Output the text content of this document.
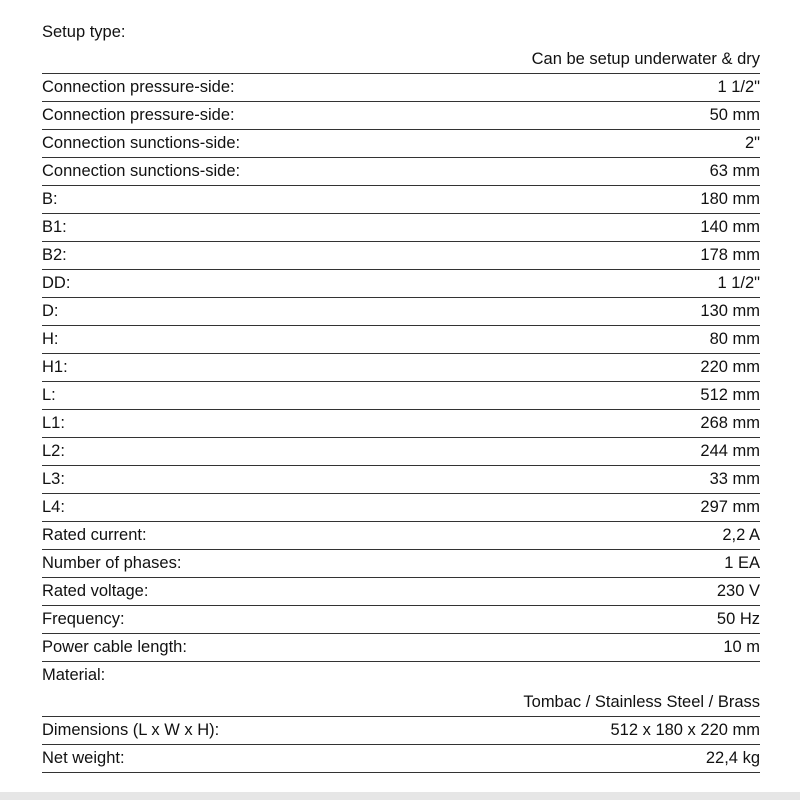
Setup type:
Can be setup underwater & dry
Connection pressure-side:	1 1/2"
Connection pressure-side:	50 mm
Connection sunctions-side:	2"
Connection sunctions-side:	63 mm
B:	180 mm
B1:	140 mm
B2:	178 mm
DD:	1 1/2"
D:	130 mm
H:	80 mm
H1:	220 mm
L:	512 mm
L1:	268 mm
L2:	244 mm
L3:	33 mm
L4:	297 mm
Rated current:	2,2 A
Number of phases:	1 EA
Rated voltage:	230 V
Frequency:	50 Hz
Power cable length:	10 m
Material:
Tombac / Stainless Steel / Brass
Dimensions (L x W x H):	512 x 180 x 220 mm
Net weight:	22,4 kg
